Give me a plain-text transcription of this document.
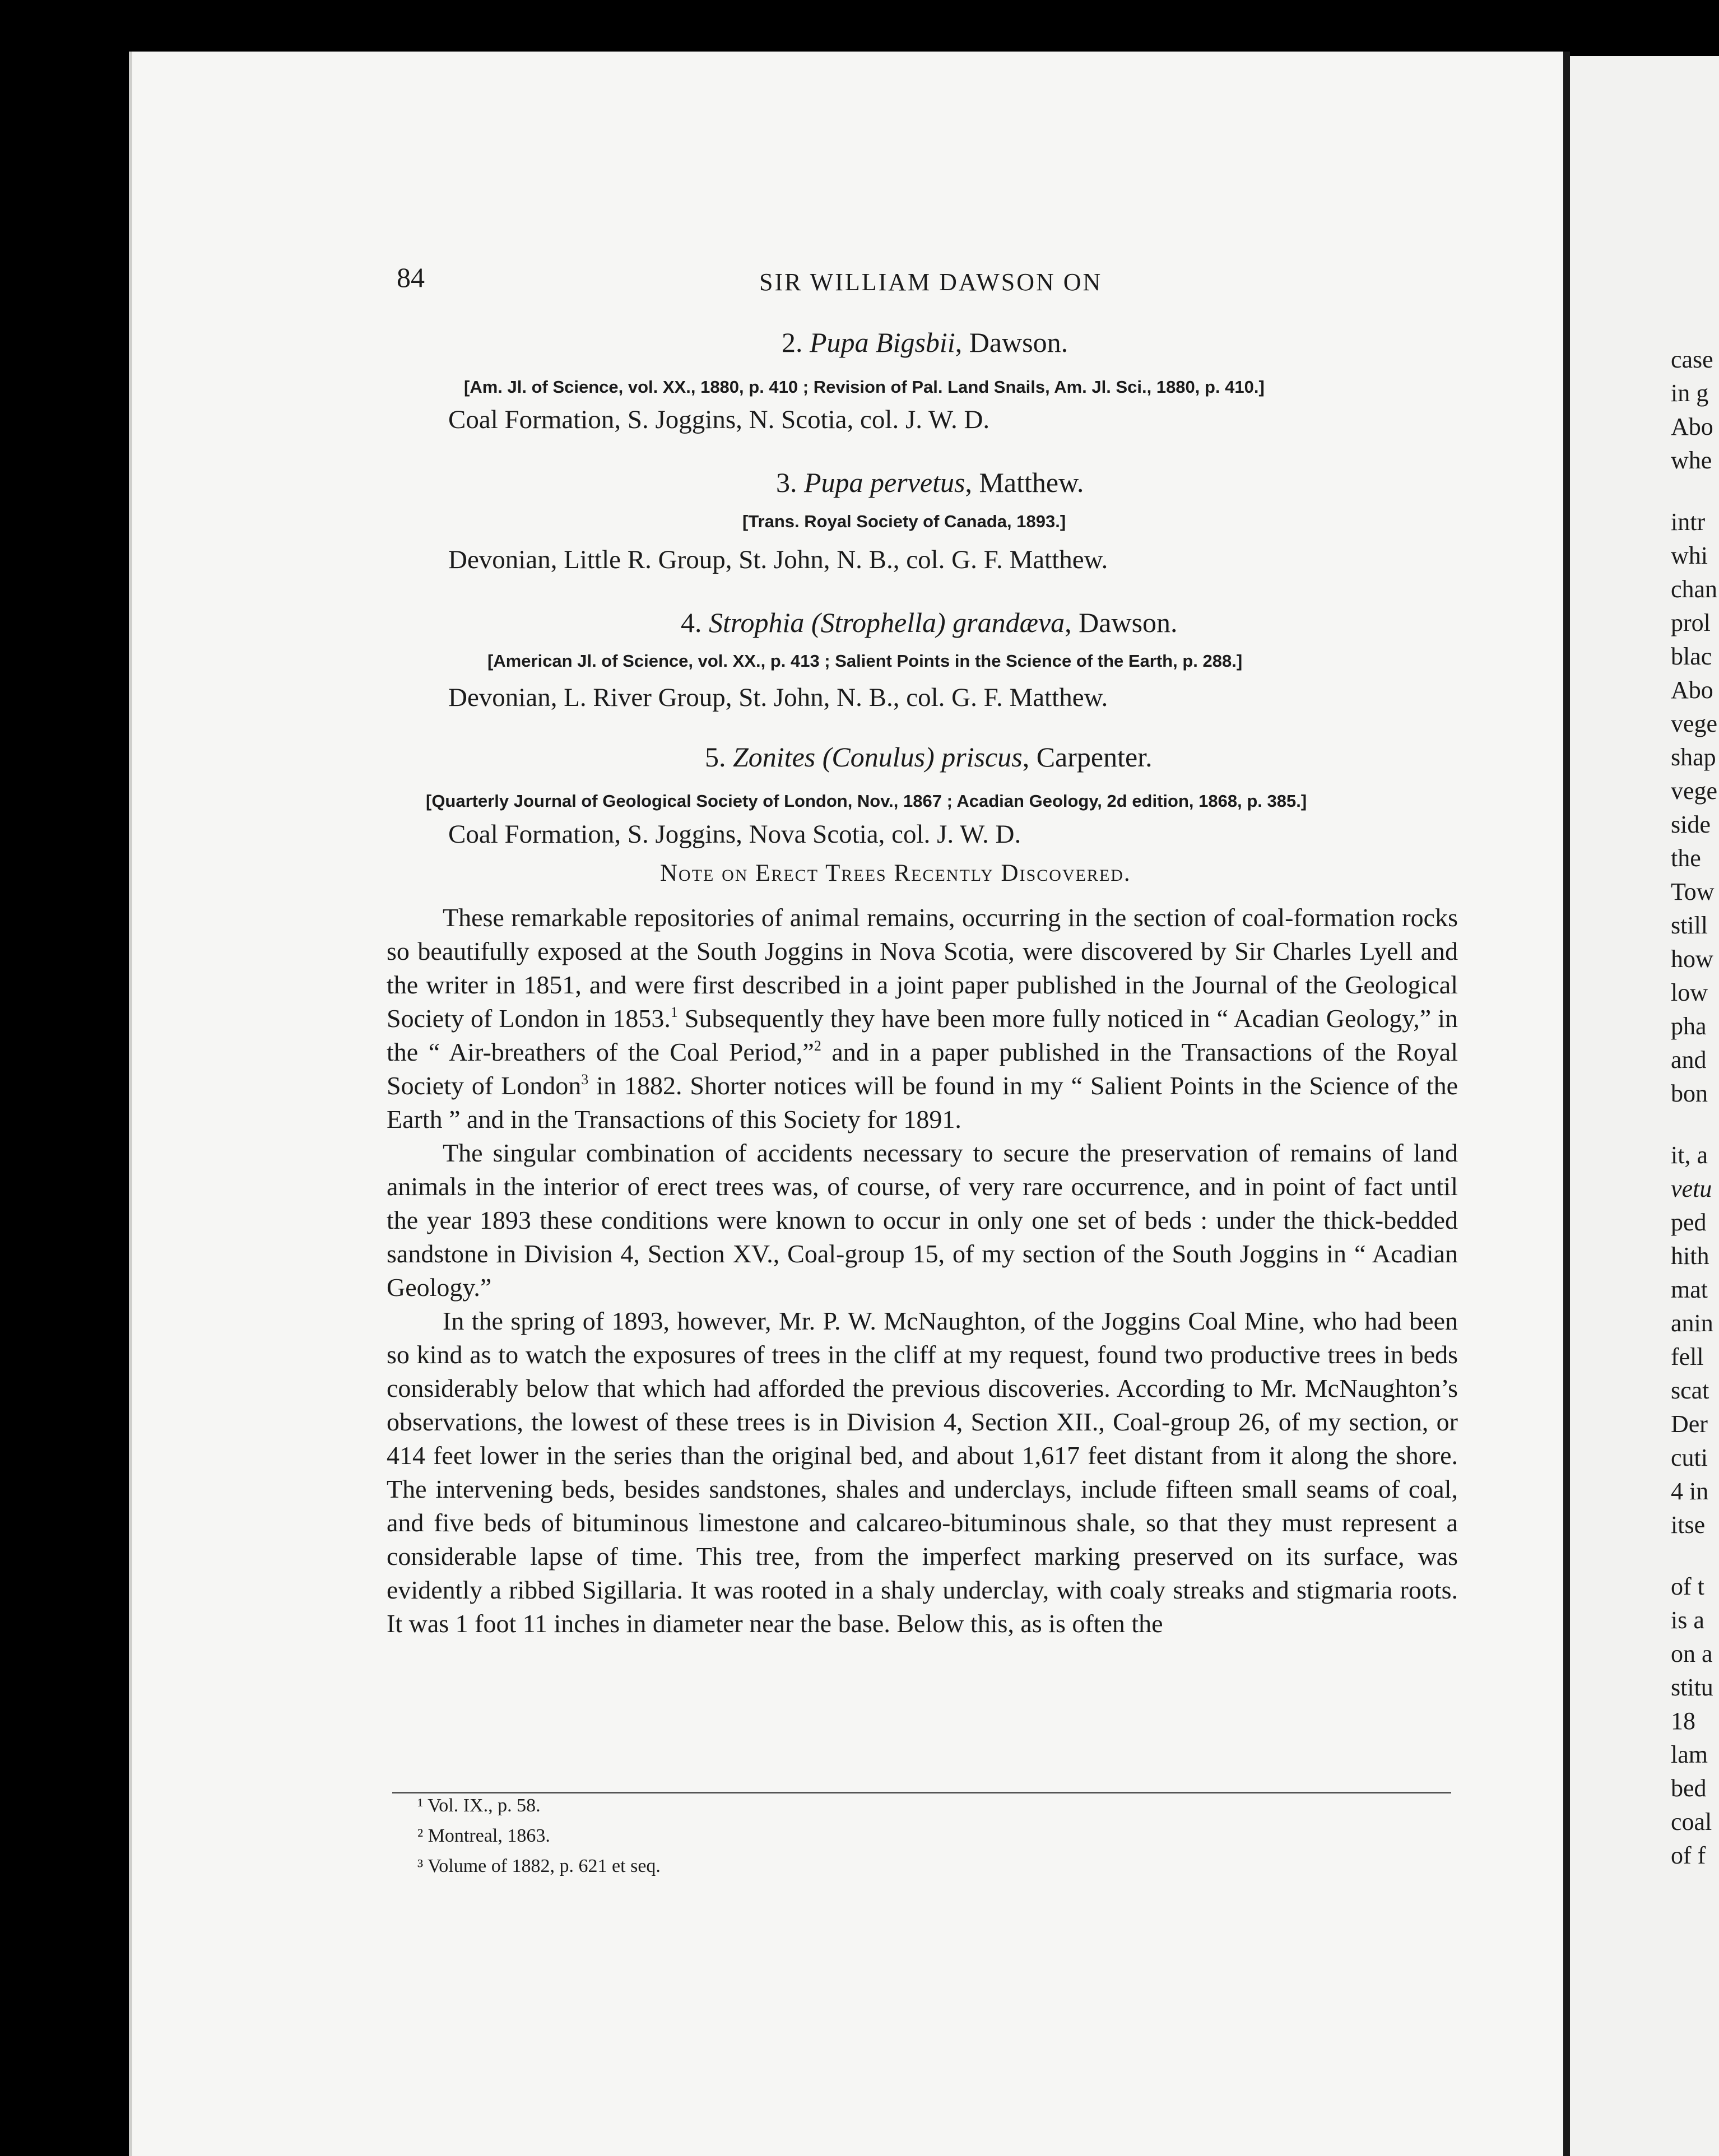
case
in g
Abo
whe
intr
whi
chan
prol
blac
Abo
vege
shap
vege
side
the
Tow
still
how
low
pha
and
bon
it, a
vetu
ped
hith
mat
anin
fell
scat
Der
cuti
4 in
itse
of t
is a
on a
stitu
18
lam
bed
coal
of f
84	SIR WILLIAM DAWSON ON
2. Pupa Bigsbii, Dawson.
[Am. Jl. of Science, vol. XX., 1880, p. 410 ; Revision of Pal. Land Snails, Am. Jl. Sci., 1880, p. 410.]
Coal Formation, S. Joggins, N. Scotia, col. J. W. D.
3. Pupa pervetus, Matthew.
[Trans. Royal Society of Canada, 1893.]
Devonian, Little R. Group, St. John, N. B., col. G. F. Matthew.
4. Strophia (Strophella) grandæva, Dawson.
[American Jl. of Science, vol. XX., p. 413 ; Salient Points in the Science of the Earth, p. 288.]
Devonian, L. River Group, St. John, N. B., col. G. F. Matthew.
5. Zonites (Conulus) priscus, Carpenter.
[Quarterly Journal of Geological Society of London, Nov., 1867 ; Acadian Geology, 2d edition, 1868, p. 385.]
Coal Formation, S. Joggins, Nova Scotia, col. J. W. D.
Note on Erect Trees Recently Discovered.

These remarkable repositories of animal remains, occurring in the section of coal-formation rocks so beautifully exposed at the South Joggins in Nova Scotia, were discovered by Sir Charles Lyell and the writer in 1851, and were first described in a joint paper published in the Journal of the Geological Society of London in 1853.$^1$ Subsequently they have been more fully noticed in “ Acadian Geology,” in the “ Air-breathers of the Coal Period,”$^2$ and in a paper published in the Transactions of the Royal Society of London$^3$ in 1882. Shorter notices will be found in my “ Salient Points in the Science of the Earth ” and in the Transactions of this Society for 1891.

The singular combination of accidents necessary to secure the preservation of remains of land animals in the interior of erect trees was, of course, of very rare occurrence, and in point of fact until the year 1893 these conditions were known to occur in only one set of beds : under the thick-bedded sandstone in Division 4, Section XV., Coal-group 15, of my section of the South Joggins in “ Acadian Geology.”

In the spring of 1893, however, Mr. P. W. McNaughton, of the Joggins Coal Mine, who had been so kind as to watch the exposures of trees in the cliff at my request, found two productive trees in beds considerably below that which had afforded the previous discoveries. According to Mr. McNaughton’s observations, the lowest of these trees is in Division 4, Section XII., Coal-group 26, of my section, or 414 feet lower in the series than the original bed, and about 1,617 feet distant from it along the shore. The intervening beds, besides sandstones, shales and underclays, include fifteen small seams of coal, and five beds of bituminous limestone and calcareo-bituminous shale, so that they must represent a considerable lapse of time. This tree, from the imperfect marking preserved on its surface, was evidently a ribbed Sigillaria. It was rooted in a shaly underclay, with coaly streaks and stigmaria roots. It was 1 foot 11 inches in diameter near the base. Below this, as is often the

¹ Vol. IX., p. 58.
² Montreal, 1863.
³ Volume of 1882, p. 621 et seq.
